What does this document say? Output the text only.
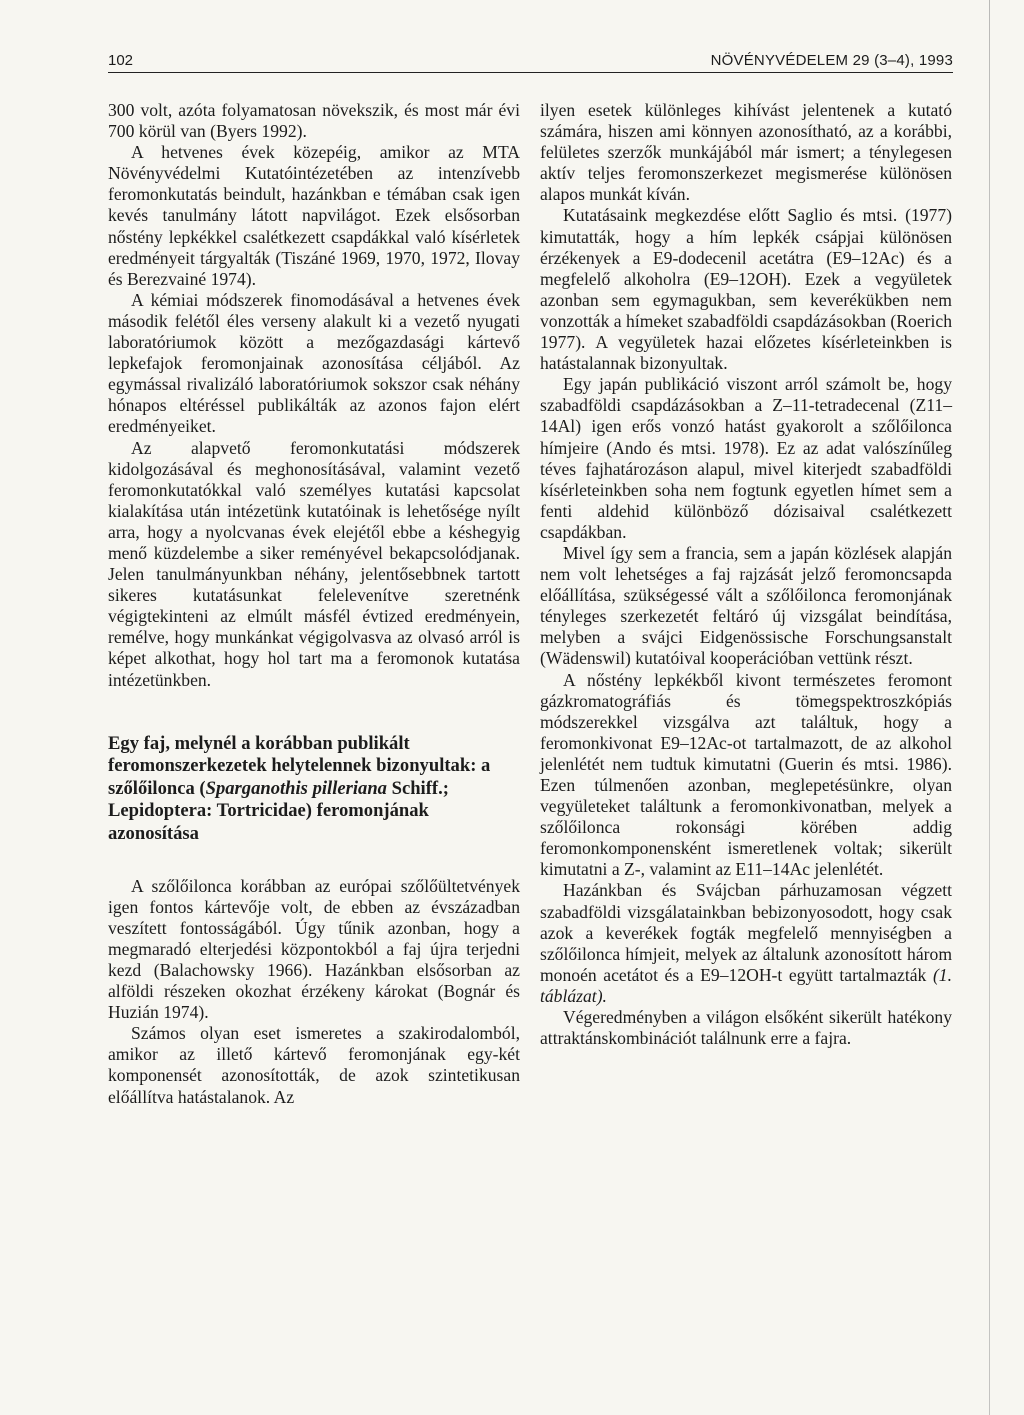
102	NÖVÉNYVÉDELEM 29 (3–4), 1993

300 volt, azóta folyamatosan növekszik, és most már évi 700 körül van (Byers 1992).

A hetvenes évek közepéig, amikor az MTA Növényvédelmi Kutatóintézetében az intenzívebb feromonkutatás beindult, hazánkban e témában csak igen kevés tanulmány látott napvilágot. Ezek elsősorban nőstény lepkékkel csalétkezett csapdákkal való kísérletek eredményeit tárgyalták (Tiszáné 1969, 1970, 1972, Ilovay és Berezvainé 1974).

A kémiai módszerek finomodásával a hetvenes évek második felétől éles verseny alakult ki a vezető nyugati laboratóriumok között a mezőgazdasági kártevő lepkefajok feromonjainak azonosítása céljából. Az egymással rivalizáló laboratóriumok sokszor csak néhány hónapos eltéréssel publikálták az azonos fajon elért eredményeiket.

Az alapvető feromonkutatási módszerek kidolgozásával és meghonosításával, valamint vezető feromonkutatókkal való személyes kutatási kapcsolat kialakítása után intézetünk kutatóinak is lehetősége nyílt arra, hogy a nyolcvanas évek elejétől ebbe a késhegyig menő küzdelembe a siker reményével bekapcsolódjanak. Jelen tanulmányunkban néhány, jelentősebbnek tartott sikeres kutatásunkat felelevenítve szeretnénk végigtekinteni az elmúlt másfél évtized eredményein, remélve, hogy munkánkat végigolvasva az olvasó arról is képet alkothat, hogy hol tart ma a feromonok kutatása intézetünkben.

Egy faj, melynél a korábban publikált feromonszerkezetek helytelennek bizonyultak: a szőlőilonca (Sparganothis pilleriana Schiff.; Lepidoptera: Tortricidae) feromonjának azonosítása

A szőlőilonca korábban az európai szőlőültetvények igen fontos kártevője volt, de ebben az évszázadban veszített fontosságából. Úgy tűnik azonban, hogy a megmaradó elterjedési központokból a faj újra terjedni kezd (Balachowsky 1966). Hazánkban elsősorban az alföldi részeken okozhat érzékeny károkat (Bognár és Huzián 1974).

Számos olyan eset ismeretes a szakirodalomból, amikor az illető kártevő feromonjának egy-két komponensét azonosították, de azok szintetikusan előállítva hatástalanok. Az

ilyen esetek különleges kihívást jelentenek a kutató számára, hiszen ami könnyen azonosítható, az a korábbi, felületes szerzők munkájából már ismert; a ténylegesen aktív teljes feromonszerkezet megismerése különösen alapos munkát kíván.

Kutatásaink megkezdése előtt Saglio és mtsi. (1977) kimutatták, hogy a hím lepkék csápjai különösen érzékenyek a E9-dodecenil acetátra (E9–12Ac) és a megfelelő alkoholra (E9–12OH). Ezek a vegyületek azonban sem egymagukban, sem keverékükben nem vonzották a hímeket szabadföldi csapdázásokban (Roerich 1977). A vegyületek hazai előzetes kísérleteinkben is hatástalannak bizonyultak.

Egy japán publikáció viszont arról számolt be, hogy szabadföldi csapdázásokban a Z–11-tetradecenal (Z11–14Al) igen erős vonzó hatást gyakorolt a szőlőilonca hímjeire (Ando és mtsi. 1978). Ez az adat valószínűleg téves fajhatározáson alapul, mivel kiterjedt szabadföldi kísérleteinkben soha nem fogtunk egyetlen hímet sem a fenti aldehid különböző dózisaival csalétkezett csapdákban.

Mivel így sem a francia, sem a japán közlések alapján nem volt lehetséges a faj rajzását jelző feromoncsapda előállítása, szükségessé vált a szőlőilonca feromonjának tényleges szerkezetét feltáró új vizsgálat beindítása, melyben a svájci Eidgenössische Forschungsanstalt (Wädenswil) kutatóival kooperációban vettünk részt.

A nőstény lepkékből kivont természetes feromont gázkromatográfiás és tömegspektroszkópiás módszerekkel vizsgálva azt találtuk, hogy a feromonkivonat E9–12Ac-ot tartalmazott, de az alkohol jelenlétét nem tudtuk kimutatni (Guerin és mtsi. 1986). Ezen túlmenően azonban, meglepetésünkre, olyan vegyületeket találtunk a feromonkivonatban, melyek a szőlőilonca rokonsági körében addig feromonkomponensként ismeretlenek voltak; sikerült kimutatni a Z-, valamint az E11–14Ac jelenlétét.

Hazánkban és Svájcban párhuzamosan végzett szabadföldi vizsgálatainkban bebizonyosodott, hogy csak azok a keverékek fogták megfelelő mennyiségben a szőlőilonca hímjeit, melyek az általunk azonosított három monoén acetátot és a E9–12OH-t együtt tartalmazták (1. táblázat).

Végeredményben a világon elsőként sikerült hatékony attraktánskombinációt találnunk erre a fajra.
